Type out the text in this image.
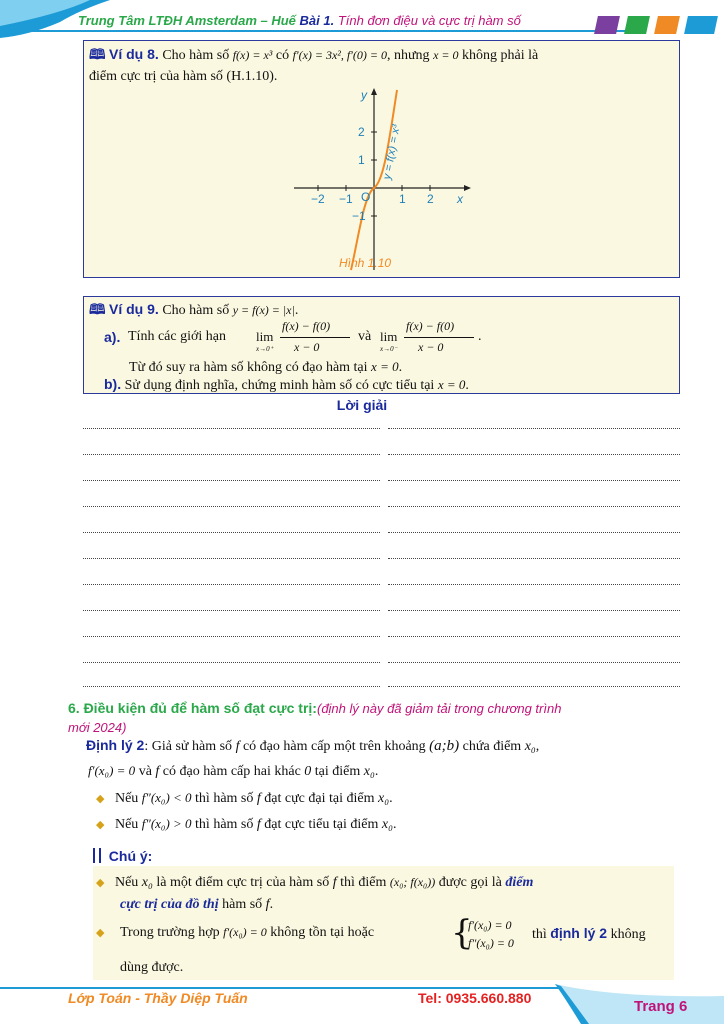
Trung Tâm LTĐH Amsterdam – Huế Bài 1. Tính đơn điệu và cực trị hàm số
🕮 Ví dụ 8. Cho hàm số f(x) = x³ có f′(x) = 3x², f′(0) = 0, nhưng x = 0 không phải là
điểm cực trị của hàm số (H.1.10).
−2 −1	1 2
2
1
−1
O	x
y
y = f(x) = x³
Hình 1.10
🕮 Ví dụ 9. Cho hàm số y = f(x) = |x|.
a). Tính các giới hạn lim
x→0⁺
f(x) − f(0)
x − 0
và lim
x→0⁻
f(x) − f(0)
x − 0
.
Từ đó suy ra hàm số không có đạo hàm tại x = 0.
b). Sử dụng định nghĩa, chứng minh hàm số có cực tiểu tại x = 0.
Lời giải
6. Điều kiện đủ để hàm số đạt cực trị:(định lý này đã giảm tải trong chương trình
mới 2024)
Định lý 2: Giả sử hàm số f có đạo hàm cấp một trên khoảng (a;b) chứa điểm x₀,
f′(x₀) = 0 và f có đạo hàm cấp hai khác 0 tại điểm x₀.
◆ Nếu f″(x₀) < 0 thì hàm số f đạt cực đại tại điểm x₀.
◆ Nếu f″(x₀) > 0 thì hàm số f đạt cực tiểu tại điểm x₀.
Chú ý:
◆ Nếu x₀ là một điểm cực trị của hàm số f thì điểm (x₀; f(x₀)) được gọi là điểm
cực trị của đồ thị hàm số f.
◆ Trong trường hợp f′(x₀) = 0 không tồn tại hoặc {
f′(x₀) = 0
f″(x₀) = 0
thì định lý 2 không
dùng được.
Lớp Toán - Thầy Diệp Tuấn	Tel: 0935.660.880	Trang 6
